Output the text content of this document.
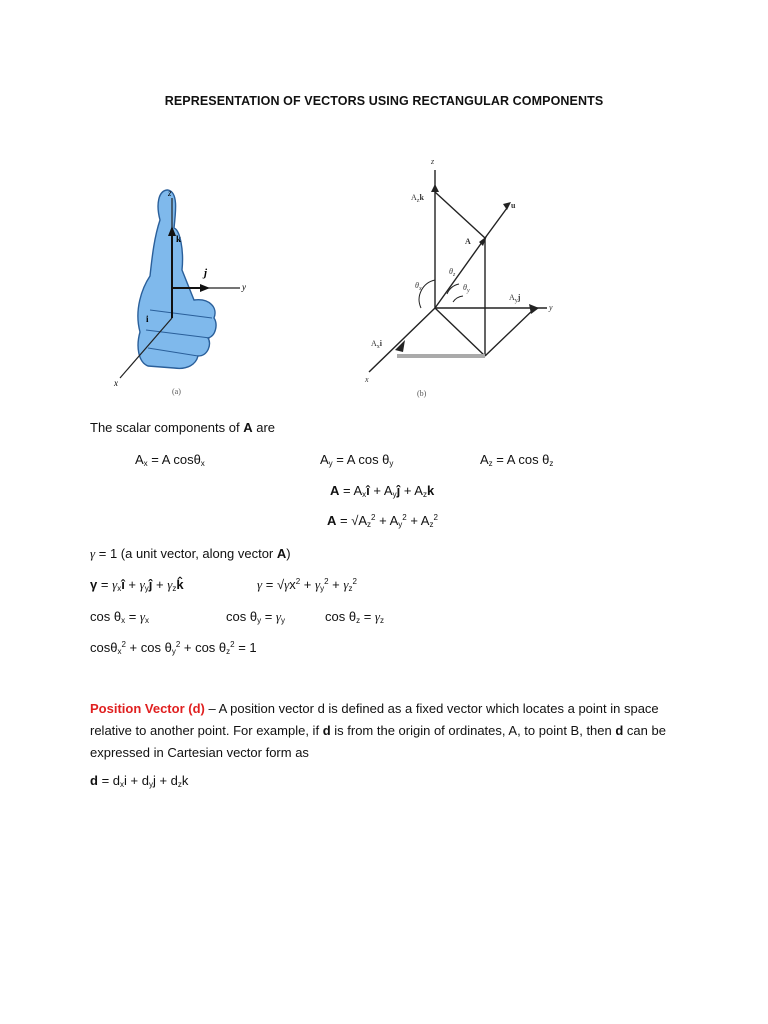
REPRESENTATION OF VECTORS USING RECTANGULAR COMPONENTS
z
y
x
k
j
i
(a)
z
y
x
$A_zk$
A
u
$A_yj$
$A_xi$
$\theta_x$
$\theta_z$
$\theta_y$
(b)
The scalar components of A are
$A_x = A$ cosθ$_x$	$A_y = A$ $\cos \theta_y$	$A_z = A$ $\cos \theta_z$
$A = A_xî$ + $A_yĵ + A_zk$
$A = √A_z^2 + A_y^2 + A_z^2$
γ = 1 (a unit vector, along vector A)
$\gamma = \gamma_xî$ + $\gamma_yĵ$ + $\gamma_zk̂$	$\gamma = √\gamma x^2 + \gamma_y^2 + \gamma_z^2$
$\cos \theta_x = \gamma_x$	$\cos \theta_y = \gamma_y$	$\cos \theta_z = \gamma_z$
$\cos\theta_x^2 + \cos \theta_y^2 + \cos \theta_z^2 = 1$
Position Vector (d) – A position vector d is defined as a fixed vector which locates a point in space relative to another point. For example, if d is from the origin of ordinates, A, to point B, then d can be expressed in Cartesian vector form as
$d = d_xi + d_yj + d_zk$
